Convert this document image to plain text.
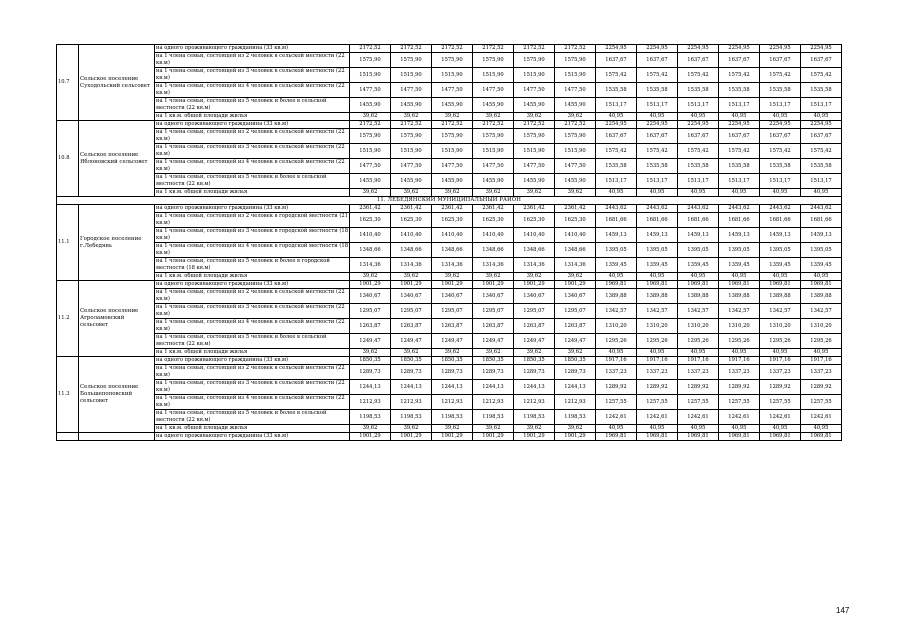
10.7	Сельское поселение Суходольский сельсовет	на одного проживающего гражданина (33 кв.м)	2172,52	2172,52	2172,52	2172,52	2172,52	2172,52	2254,95	2254,95	2254,95	2254,95	2254,95	2254,95
		на 1 члена семьи, состоящей из 2 человек в сельской местности (22 кв.м)	1575,90	1575,90	1575,90	1575,90	1575,90	1575,90	1637,67	1637,67	1637,67	1637,67	1637,67	1637,67
		на 1 члена семьи, состоящей из 3 человек в сельской местности (22 кв.м)	1515,90	1515,90	1515,90	1515,90	1515,90	1515,90	1575,42	1575,42	1575,42	1575,42	1575,42	1575,42
		на 1 члена семьи, состоящей из 4 человек в сельской местности (22 кв.м)	1477,50	1477,50	1477,50	1477,50	1477,50	1477,50	1535,58	1535,58	1535,58	1535,58	1535,58	1535,58
		на 1 члена семьи, состоящей из 5 человек и более в сельской местности (22 кв.м)	1455,90	1455,90	1455,90	1455,90	1455,90	1455,90	1513,17	1513,17	1513,17	1513,17	1513,17	1513,17
		на 1 кв.м. общей площади жилья	39,62	39,62	39,62	39,62	39,62	39,62	40,95	40,95	40,95	40,95	40,95	40,95
10.8	Сельское поселение Яблоновский сельсовет	на одного проживающего гражданина (33 кв.м)	2172,52	2172,52	2172,52	2172,52	2172,52	2172,52	2254,95	2254,95	2254,95	2254,95	2254,95	2254,95
		на 1 члена семьи, состоящей из 2 человек в сельской местности (22 кв.м)	1575,90	1575,90	1575,90	1575,90	1575,90	1575,90	1637,67	1637,67	1637,67	1637,67	1637,67	1637,67
		на 1 члена семьи, состоящей из 3 человек в сельской местности (22 кв.м)	1515,90	1515,90	1515,90	1515,90	1515,90	1515,90	1575,42	1575,42	1575,42	1575,42	1575,42	1575,42
		на 1 члена семьи, состоящей из 4 человек в сельской местности (22 кв.м)	1477,50	1477,50	1477,50	1477,50	1477,50	1477,50	1535,58	1535,58	1535,58	1535,58	1535,58	1535,58
		на 1 члена семьи, состоящей из 5 человек и более в сельской местности (22 кв.м)	1455,90	1455,90	1455,90	1455,90	1455,90	1455,90	1513,17	1513,17	1513,17	1513,17	1513,17	1513,17
		на 1 кв.м. общей площади жилья	39,62	39,62	39,62	39,62	39,62	39,62	40,95	40,95	40,95	40,95	40,95	40,95
11. ЛЕБЕДЯНСКИЙ МУНИЦИПАЛЬНЫЙ РАЙОН														
11.1	Городское поселение г.Лебедянь	на одного проживающего гражданина (33 кв.м)	2361,42	2361,42	2361,42	2361,42	2361,42	2361,42	2443,62	2443,62	2443,62	2443,62	2443,62	2443,62
		на 1 члена семьи, состоящей из 2 человек в городской местности (21 кв.м)	1625,30	1625,30	1625,30	1625,30	1625,30	1625,30	1681,66	1681,66	1681,66	1681,66	1681,66	1681,66
		на 1 члена семьи, состоящей из 3 человек в городской местности (18 кв.м)	1410,40	1410,40	1410,40	1410,40	1410,40	1410,40	1459,13	1459,13	1459,13	1459,13	1459,13	1459,13
		на 1 члена семьи, состоящей из 4 человек в городской местности (18 кв.м)	1348,66	1348,66	1348,66	1348,66	1348,66	1348,66	1395,05	1395,05	1395,05	1395,05	1395,05	1395,05
		на 1 члена семьи, состоящей из 5 человек и более в городской местности (18 кв.м)	1314,36	1314,36	1314,36	1314,36	1314,36	1314,36	1359,45	1359,45	1359,45	1359,45	1359,45	1359,45
		на 1 кв.м. общей площади жилья	39,62	39,62	39,62	39,62	39,62	39,62	40,95	40,95	40,95	40,95	40,95	40,95
11.2	Сельское поселение Агроламовский сельсовет	на одного проживающего гражданина (33 кв.м)	1901,29	1901,29	1901,29	1901,29	1901,29	1901,29	1969,81	1969,81	1969,81	1969,81	1969,81	1969,81
		на 1 члена семьи, состоящей из 2 человек в сельской местности (22 кв.м)	1340,67	1340,67	1340,67	1340,67	1340,67	1340,67	1389,88	1389,88	1389,88	1389,88	1389,88	1389,88
		на 1 члена семьи, состоящей из 3 человек в сельской местности (22 кв.м)	1295,07	1295,07	1295,07	1295,07	1295,07	1295,07	1342,57	1342,57	1342,57	1342,57	1342,57	1342,57
		на 1 члена семьи, состоящей из 4 человек в сельской местности (22 кв.м)	1263,87	1263,87	1263,87	1263,87	1263,87	1263,87	1310,20	1310,20	1310,20	1310,20	1310,20	1310,20
		на 1 члена семьи, состоящей из 5 человек и более в сельской местности (22 кв.м)	1249,47	1249,47	1249,47	1249,47	1249,47	1249,47	1295,26	1295,26	1295,26	1295,26	1295,26	1295,26
		на 1 кв.м. общей площади жилья	39,62	39,62	39,62	39,62	39,62	39,62	40,95	40,95	40,95	40,95	40,95	40,95
11.3	Сельское поселение Большепоповский сельсовет	на одного проживающего гражданина (33 кв.м)	1850,35	1850,35	1850,35	1850,35	1850,35	1850,35	1917,16	1917,16	1917,16	1917,16	1917,16	1917,16
		на 1 члена семьи, состоящей из 2 человек в сельской местности (22 кв.м)	1289,73	1289,73	1289,73	1289,73	1289,73	1289,73	1337,23	1337,23	1337,23	1337,23	1337,23	1337,23
		на 1 члена семьи, состоящей из 3 человек в сельской местности (22 кв.м)	1244,13	1244,13	1244,13	1244,13	1244,13	1244,13	1289,92	1289,92	1289,92	1289,92	1289,92	1289,92
		на 1 члена семьи, состоящей из 4 человек в сельской местности (22 кв.м)	1212,93	1212,93	1212,93	1212,93	1212,93	1212,93	1257,55	1257,55	1257,55	1257,55	1257,55	1257,55
		на 1 члена семьи, состоящей из 5 человек и более в сельской местности (22 кв.м)	1198,53	1198,53	1198,53	1198,53	1198,53	1198,53	1242,61	1242,61	1242,61	1242,61	1242,61	1242,61
		на 1 кв.м. общей площади жилья	39,62	39,62	39,62	39,62	39,62	39,62	40,95	40,95	40,95	40,95	40,95	40,95
		на одного проживающего гражданина (33 кв.м)	1901,29	1901,29	1901,29	1901,29	1901,29	1901,29	1969,81	1969,81	1969,81	1969,81	1969,81	1969,81
147
